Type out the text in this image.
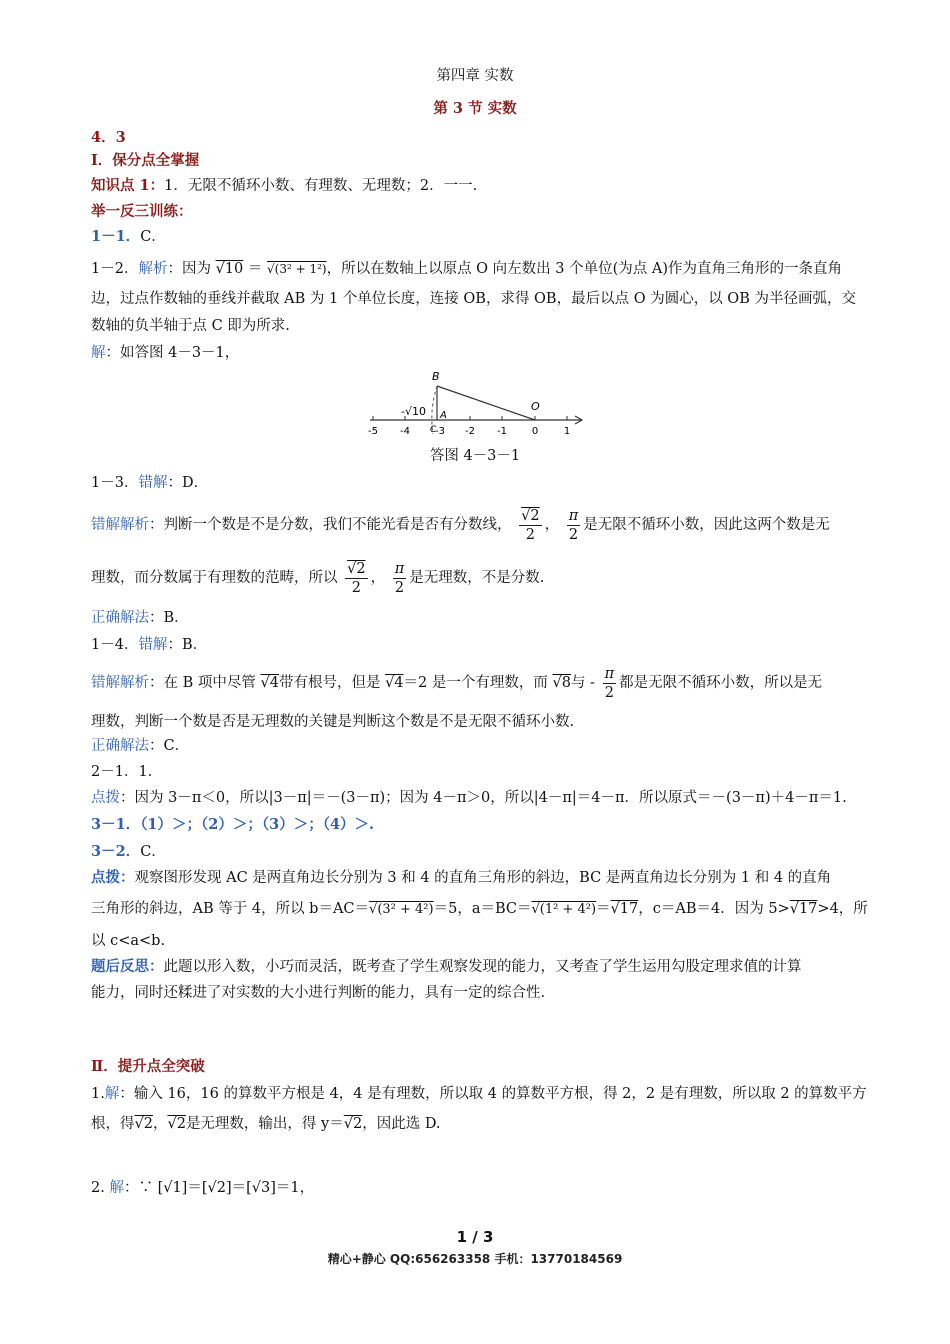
第四章 实数
第 3 节 实数
4．3
Ⅰ．保分点全掌握
知识点 1：1．无限不循环小数、有理数、无理数；2．一一.
举一反三训练：
1－1．C．
1－2．解析：因为 √10 ＝ √(3² + 1²)，所以在数轴上以原点 O 向左数出 3 个单位(为点 A)作为直角三角形的一条直角
边，过点作数轴的垂线并截取 AB 为 1 个单位长度，连接 OB，求得 OB，最后以点 O 为圆心，以 OB 为半径画弧，交
数轴的负半轴于点 C 即为所求.
解：如答图 4－3－1，
B
A
O
C
-√10
-5 -4	-3 -2 -1 0	1
答图 4－3－1
1－3．错解：D．
错解解析：判断一个数是不是分数，我们不能光看是否有分数线， $\frac{√2}{2}$ ， $\frac{\pi}{2}$ 是无限不循环小数，因此这两个数是无
理数，而分数属于有理数的范畴，所以 $\frac{√2}{2}$ ， $\frac{\pi}{2}$ 是无理数，不是分数.
正确解法：B．
1－4．错解：B．
错解解析：在 B 项中尽管 √4带有根号，但是 √4＝2 是一个有理数，而 √8与 - $\frac{\pi}{2}$ 都是无限不循环小数，所以是无
理数，判断一个数是否是无理数的关键是判断这个数是不是无限不循环小数.
正确解法：C．
2－1．1．
点拨：因为 3－π＜0，所以|3－π|＝－(3－π)；因为 4－π＞0，所以|4－π|＝4－π．所以原式＝－(3－π)＋4－π＝1.
3－1．（1）＞；（2）＞；（3）＞；（4）＞.
3－2．C．
点拨：观察图形发现 AC 是两直角边长分别为 3 和 4 的直角三角形的斜边，BC 是两直角边长分别为 1 和 4 的直角
三角形的斜边，AB 等于 4，所以 b＝AC＝√(3² + 4²)＝5，a＝BC＝√(1² + 4²)＝√17，c＝AB＝4．因为 5>√17>4，所
以 c<a<b.
题后反思：此题以形入数，小巧而灵活，既考查了学生观察发现的能力，又考查了学生运用勾股定理求值的计算
能力，同时还糅进了对实数的大小进行判断的能力，具有一定的综合性.
Ⅱ．提升点全突破
1.解：输入 16，16 的算数平方根是 4，4 是有理数，所以取 4 的算数平方根，得 2，2 是有理数，所以取 2 的算数平方
根，得√2，√2是无理数，输出，得 y＝√2，因此选 D.
2. 解：∵ [√1]＝[√2]＝[√3]＝1，
1 / 3
精心+静心 QQ:656263358 手机：13770184569
